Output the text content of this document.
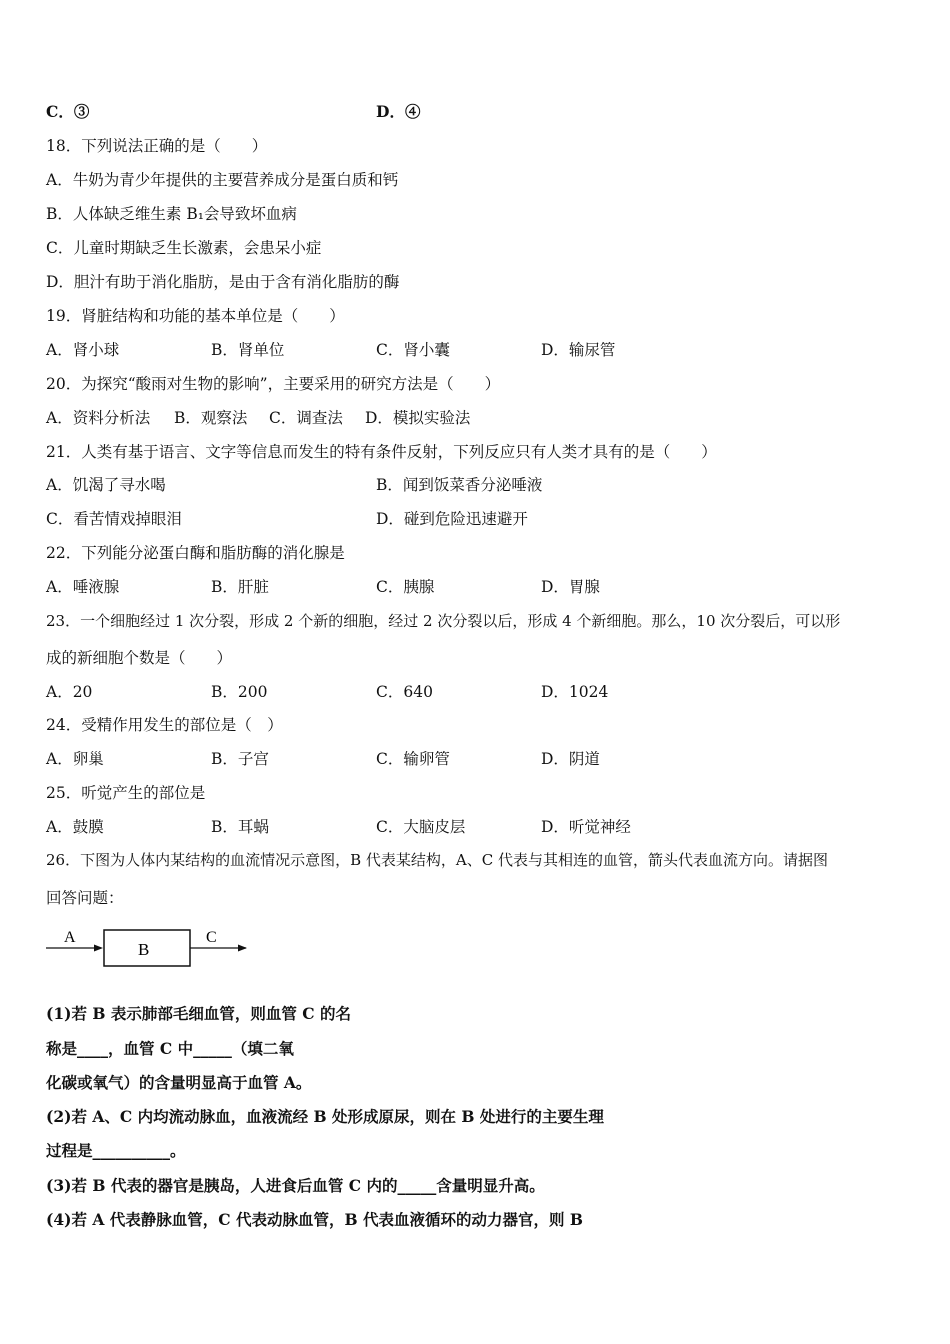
C．③	D．④
18．下列说法正确的是（　　）
A．牛奶为青少年提供的主要营养成分是蛋白质和钙
B．人体缺乏维生素 B₁会导致坏血病
C．儿童时期缺乏生长激素，会患呆小症
D．胆汁有助于消化脂肪，是由于含有消化脂肪的酶
19．肾脏结构和功能的基本单位是（　　）
A．肾小球	B．肾单位	C．肾小囊	D．输尿管
20．为探究“酸雨对生物的影响”，主要采用的研究方法是（　　）
A．资料分析法 B．观察法 C．调查法 D．模拟实验法
21．人类有基于语言、文字等信息而发生的特有条件反射，下列反应只有人类才具有的是（　　）
A．饥渴了寻水喝	B．闻到饭菜香分泌唾液
C．看苦情戏掉眼泪	D．碰到危险迅速避开
22．下列能分泌蛋白酶和脂肪酶的消化腺是
A．唾液腺	B．肝脏	C．胰腺	D．胃腺
23．一个细胞经过 1 次分裂，形成 2 个新的细胞，经过 2 次分裂以后，形成 4 个新细胞。那么，10 次分裂后，可以形
成的新细胞个数是（　　）
A．20	B．200	C．640	D．1024
24．受精作用发生的部位是（　）
A．卵巢	B．子宫	C．输卵管	D．阴道
25．听觉产生的部位是
A．鼓膜	B．耳蜗	C．大脑皮层	D．听觉神经
26．下图为人体内某结构的血流情况示意图，B 代表某结构，A、C 代表与其相连的血管，箭头代表血流方向。请据图
回答问题：
A
B
C
(1)若 B 表示肺部毛细血管，则血管 C 的名
称是____，血管 C 中_____（填二氧
化碳或氧气）的含量明显高于血管 A。
(2)若 A、C 内均流动脉血，血液流经 B 处形成原尿，则在 B 处进行的主要生理
过程是__________。
(3)若 B 代表的器官是胰岛，人进食后血管 C 内的_____含量明显升高。
(4)若 A 代表静脉血管，C 代表动脉血管，B 代表血液循环的动力器官，则 B
